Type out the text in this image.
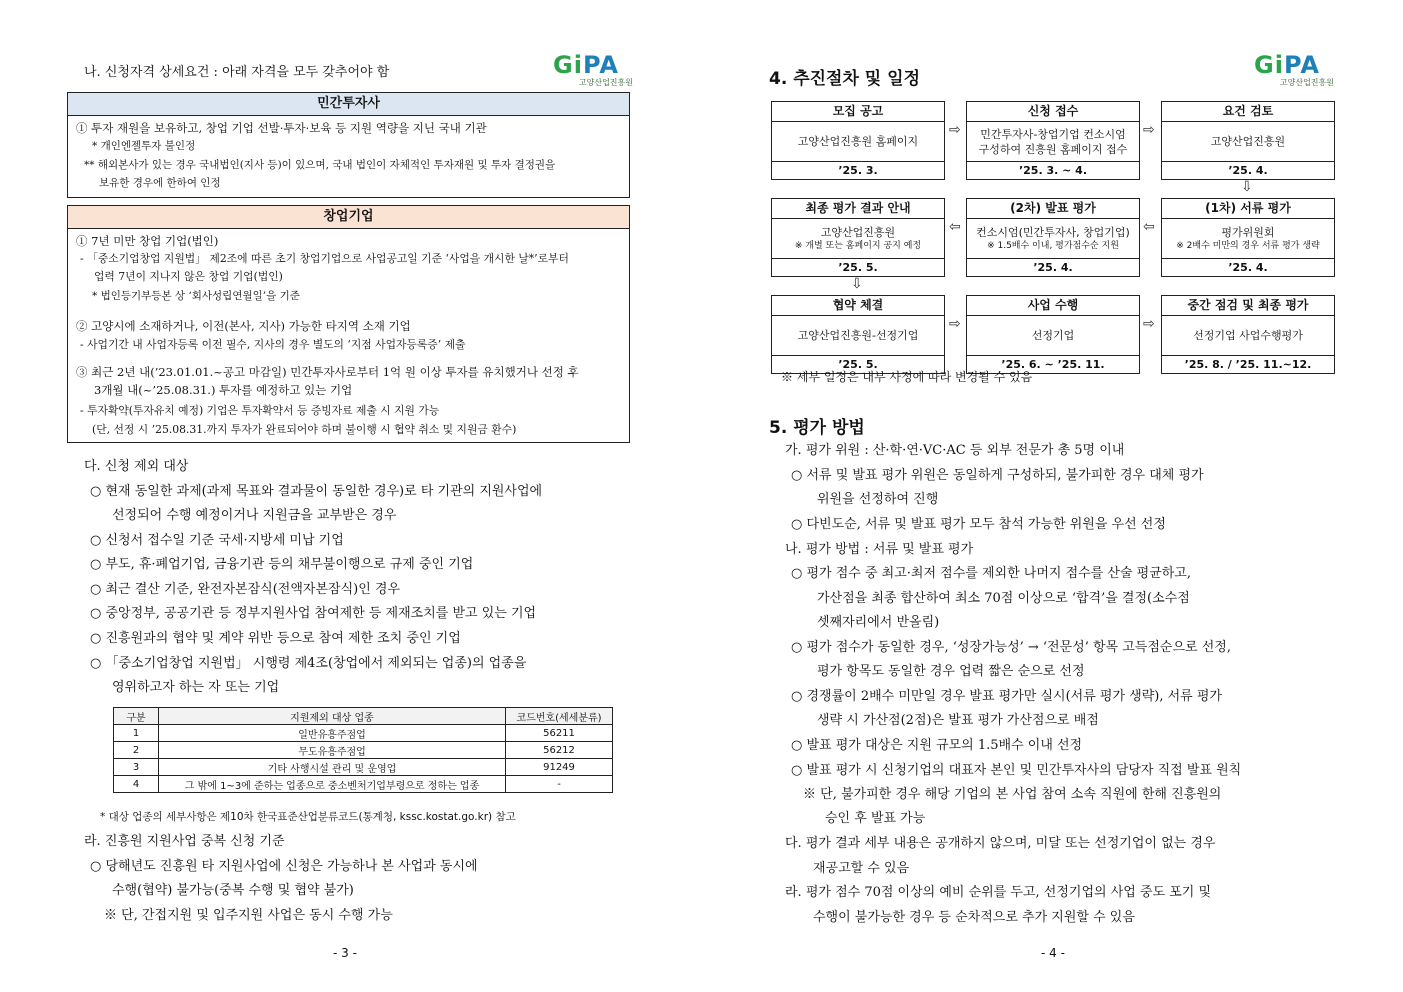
GiPA
고양산업진흥원
나. 신청자격 상세요건 : 아래 자격을 모두 갖추어야 함
민간투자사
① 투자 재원을 보유하고, 창업 기업 선발·투자·보육 등 지원 역량을 지닌 국내 기관
* 개인엔젤투자 불인정
** 해외본사가 있는 경우 국내법인(지사 등)이 있으며, 국내 법인이 자체적인 투자재원 및 투자 결정권을
보유한 경우에 한하여 인정
창업기업
① 7년 미만 창업 기업(법인)
- 「중소기업창업 지원법」 제2조에 따른 초기 창업기업으로 사업공고일 기준 ‘사업을 개시한 날*’로부터
업력 7년이 지나지 않은 창업 기업(법인)
* 법인등기부등본 상 ‘회사성립연월일’을 기준
② 고양시에 소재하거나, 이전(본사, 지사) 가능한 타지역 소재 기업
- 사업기간 내 사업자등록 이전 필수, 지사의 경우 별도의 ‘지점 사업자등록증’ 제출
③ 최근 2년 내(’23.01.01.~공고 마감일) 민간투자사로부터 1억 원 이상 투자를 유치했거나 선정 후
3개월 내(~’25.08.31.) 투자를 예정하고 있는 기업
- 투자확약(투자유치 예정) 기업은 투자확약서 등 증빙자료 제출 시 지원 가능
(단, 선정 시 ’25.08.31.까지 투자가 완료되어야 하며 불이행 시 협약 취소 및 지원금 환수)
다. 신청 제외 대상
○ 현재 동일한 과제(과제 목표와 결과물이 동일한 경우)로 타 기관의 지원사업에
선정되어 수행 예정이거나 지원금을 교부받은 경우
○ 신청서 접수일 기준 국세·지방세 미납 기업
○ 부도, 휴·폐업기업, 금융기관 등의 채무불이행으로 규제 중인 기업
○ 최근 결산 기준, 완전자본잠식(전액자본잠식)인 경우
○ 중앙정부, 공공기관 등 정부지원사업 참여제한 등 제재조치를 받고 있는 기업
○ 진흥원과의 협약 및 계약 위반 등으로 참여 제한 조치 중인 기업
○ 「중소기업창업 지원법」 시행령 제4조(창업에서 제외되는 업종)의 업종을
영위하고자 하는 자 또는 기업
구분	지원제외 대상 업종	코드번호(세세분류)
1	일반유흥주점업	56211
2	무도유흥주점업	56212
3	기타 사행시설 관리 및 운영업	91249
4	그 밖에 1~3에 준하는 업종으로 중소벤처기업부령으로 정하는 업종	-
* 대상 업종의 세부사항은 제10차 한국표준산업분류코드(통계청, kssc.kostat.go.kr) 참고
라. 진흥원 지원사업 중복 신청 기준
○ 당해년도 진흥원 타 지원사업에 신청은 가능하나 본 사업과 동시에
수행(협약) 불가능(중복 수행 및 협약 불가)
※ 단, 간접지원 및 입주지원 사업은 동시 수행 가능
- 3 -
GiPA
고양산업진흥원
4. 추진절차 및 일정
모집 공고
고양산업진흥원 홈페이지
’25. 3.
⇨
신청 접수
민간투자사-창업기업 컨소시엄
구성하여 진흥원 홈페이지 접수
’25. 3. ~ 4.
⇨
요건 검토
고양산업진흥원
’25. 4.
⇩
최종 평가 결과 안내
고양산업진흥원
※ 개별 또는 홈페이지 공지 예정
’25. 5.
⇦
(2차) 발표 평가
컨소시엄(민간투자사, 창업기업)
※ 1.5배수 이내, 평가점수순 지원
’25. 4.
⇦
(1차) 서류 평가
평가위원회
※ 2배수 미만의 경우 서류 평가 생략
’25. 4.
⇩
협약 체결
고양산업진흥원-선정기업
’25. 5.
⇨
사업 수행
선정기업
’25. 6. ~ ’25. 11.
⇨
중간 점검 및 최종 평가
선정기업 사업수행평가
’25. 8. / ’25. 11.~12.
※ 세부 일정은 내부 사정에 따라 변경될 수 있음
5. 평가 방법
가. 평가 위원 : 산·학·연·VC·AC 등 외부 전문가 총 5명 이내
○ 서류 및 발표 평가 위원은 동일하게 구성하되, 불가피한 경우 대체 평가
위원을 선정하여 진행
○ 다빈도순, 서류 및 발표 평가 모두 참석 가능한 위원을 우선 선정
나. 평가 방법 : 서류 및 발표 평가
○ 평가 점수 중 최고·최저 점수를 제외한 나머지 점수를 산술 평균하고,
가산점을 최종 합산하여 최소 70점 이상으로 ‘합격’을 결정(소수점
셋째자리에서 반올림)
○ 평가 점수가 동일한 경우, ‘성장가능성’ → ‘전문성’ 항목 고득점순으로 선정,
평가 항목도 동일한 경우 업력 짧은 순으로 선정
○ 경쟁률이 2배수 미만일 경우 발표 평가만 실시(서류 평가 생략), 서류 평가
생략 시 가산점(2점)은 발표 평가 가산점으로 배점
○ 발표 평가 대상은 지원 규모의 1.5배수 이내 선정
○ 발표 평가 시 신청기업의 대표자 본인 및 민간투자사의 담당자 직접 발표 원칙
※ 단, 불가피한 경우 해당 기업의 본 사업 참여 소속 직원에 한해 진흥원의
승인 후 발표 가능
다. 평가 결과 세부 내용은 공개하지 않으며, 미달 또는 선정기업이 없는 경우
재공고할 수 있음
라. 평가 점수 70점 이상의 예비 순위를 두고, 선정기업의 사업 중도 포기 및
수행이 불가능한 경우 등 순차적으로 추가 지원할 수 있음
- 4 -
